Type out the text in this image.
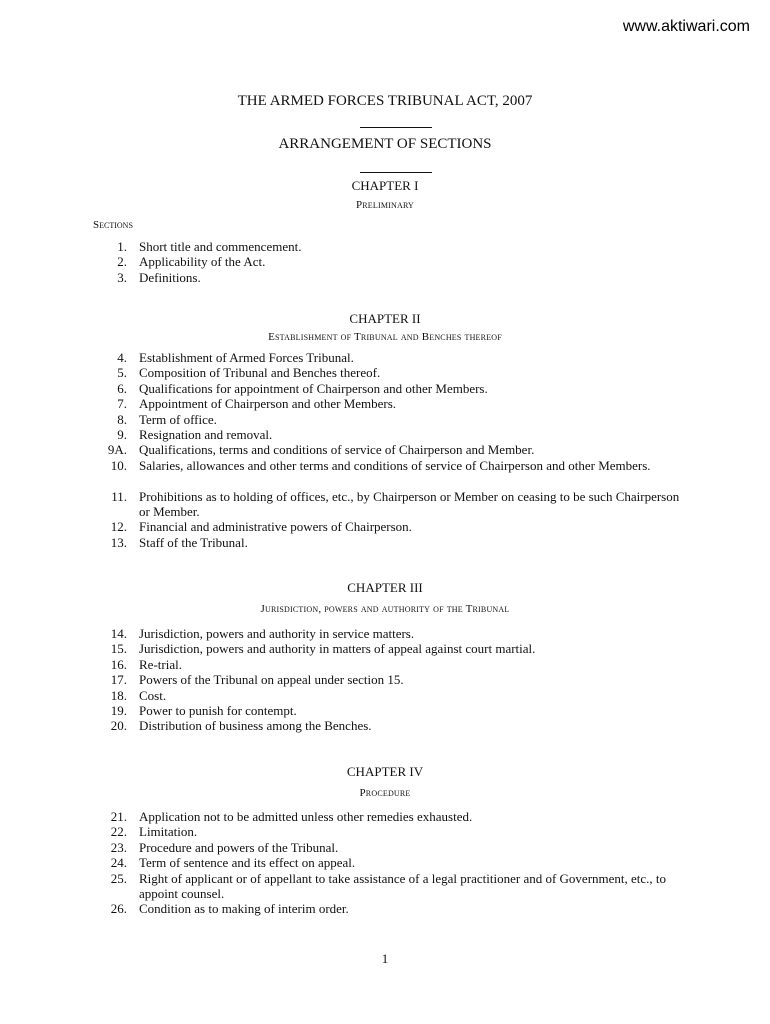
www.aktiwari.com
THE ARMED FORCES TRIBUNAL ACT, 2007
ARRANGEMENT OF SECTIONS
CHAPTER I
Preliminary
Sections
1. Short title and commencement.
2. Applicability of the Act.
3. Definitions.
CHAPTER II
Establishment of Tribunal and Benches thereof
4. Establishment of Armed Forces Tribunal.
5. Composition of Tribunal and Benches thereof.
6. Qualifications for appointment of Chairperson and other Members.
7. Appointment of Chairperson and other Members.
8. Term of office.
9. Resignation and removal.
9A. Qualifications, terms and conditions of service of Chairperson and Member.
10. Salaries, allowances and other terms and conditions of service of Chairperson and other Members.
11. Prohibitions as to holding of offices, etc., by Chairperson or Member on ceasing to be such Chairperson or Member.
12. Financial and administrative powers of Chairperson.
13. Staff of the Tribunal.
CHAPTER III
Jurisdiction, powers and authority of the Tribunal
14. Jurisdiction, powers and authority in service matters.
15. Jurisdiction, powers and authority in matters of appeal against court martial.
16. Re-trial.
17. Powers of the Tribunal on appeal under section 15.
18. Cost.
19. Power to punish for contempt.
20. Distribution of business among the Benches.
CHAPTER IV
Procedure
21. Application not to be admitted unless other remedies exhausted.
22. Limitation.
23. Procedure and powers of the Tribunal.
24. Term of sentence and its effect on appeal.
25. Right of applicant or of appellant to take assistance of a legal practitioner and of Government, etc., to appoint counsel.
26. Condition as to making of interim order.
1
